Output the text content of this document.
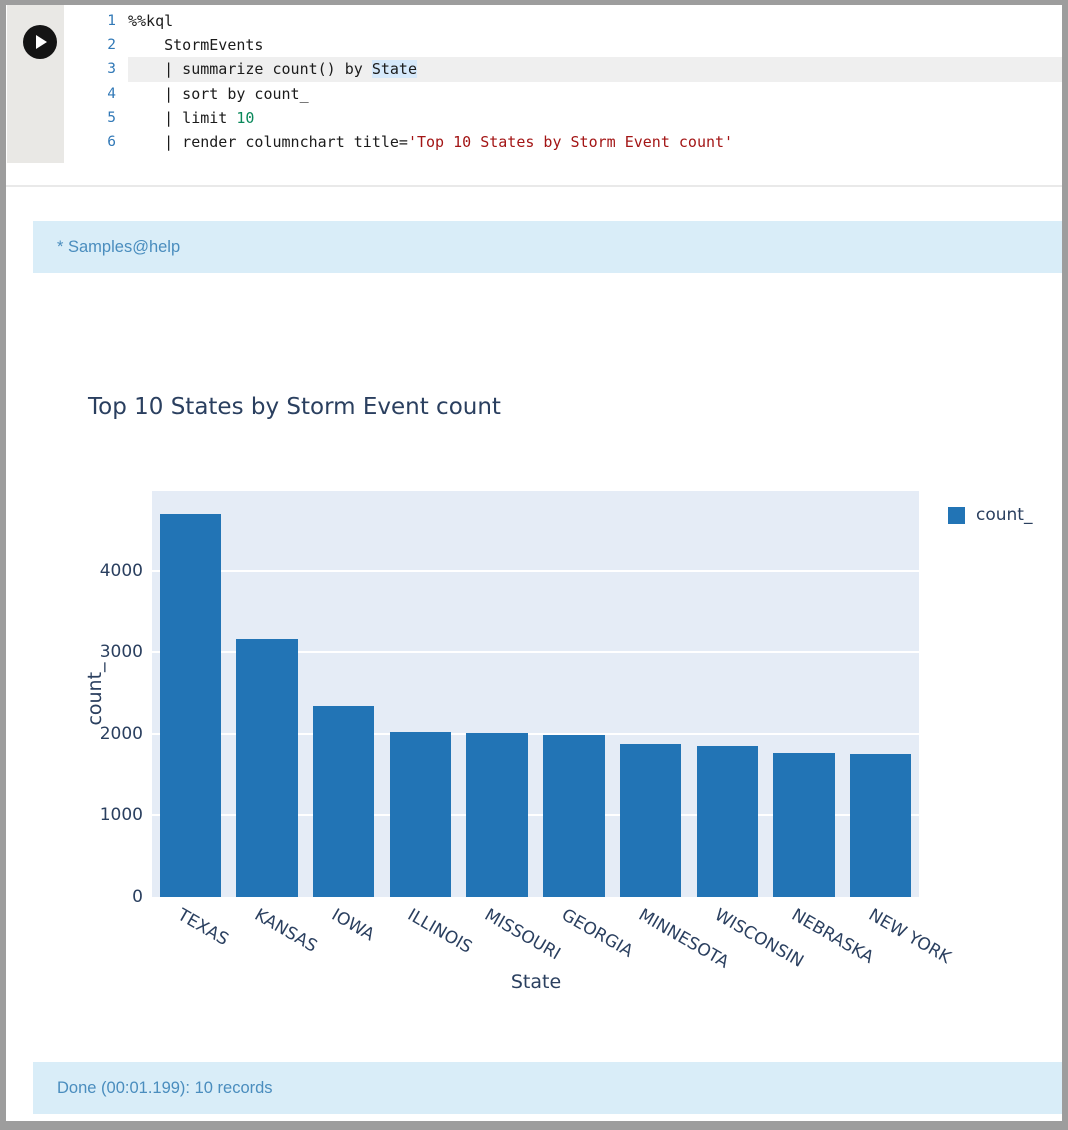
1 %%kql
2 StormEvents
3 | summarize count() by State
4 | sort by count_
5 | limit 10
6 | render columnchart title= 'Top 10 States by Storm Event count'
* Samples@help
Top 10 States by Storm Event count
0
1000
2000
3000
4000
TEXAS KANSAS IOWA ILLINOIS MISSOURI
GEORGIA
MINNESOTA
WISCONSIN
NEBRASKA
NEW YORK
count_
State
count_
Done (00:01.199): 10 records
